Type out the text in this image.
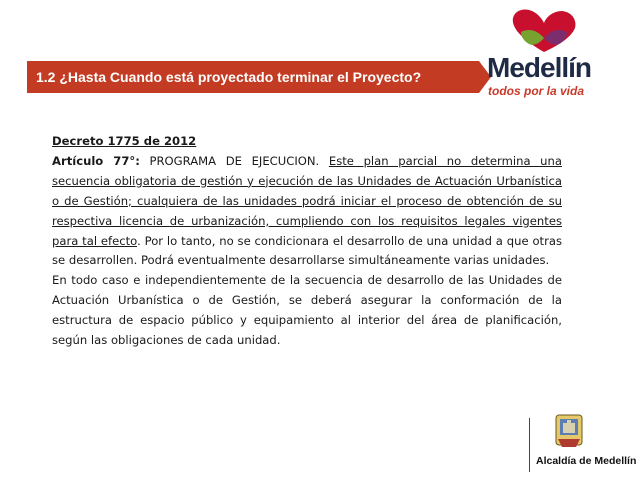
1.2 ¿Hasta Cuando está proyectado terminar el Proyecto? Medellín
todos por la vida

Decreto 1775 de 2012

Artículo 77°: PROGRAMA DE EJECUCION. Este plan parcial no determina una secuencia obligatoria de gestión y ejecución de las Unidades de Actuación Urbanística o de Gestión; cualquiera de las unidades podrá iniciar el proceso de obtención de su respectiva licencia de urbanización, cumpliendo con los requisitos legales vigentes para tal efecto. Por lo tanto, no se condicionara el desarrollo de una unidad a que otras se desarrollen. Podrá eventualmente desarrollarse simultáneamente varias unidades.

En todo caso e independientemente de la secuencia de desarrollo de las Unidades de Actuación Urbanística o de Gestión, se deberá asegurar la conformación de la estructura de espacio público y equipamiento al interior del área de planificación, según las obligaciones de cada unidad.

Alcaldía de Medellín
